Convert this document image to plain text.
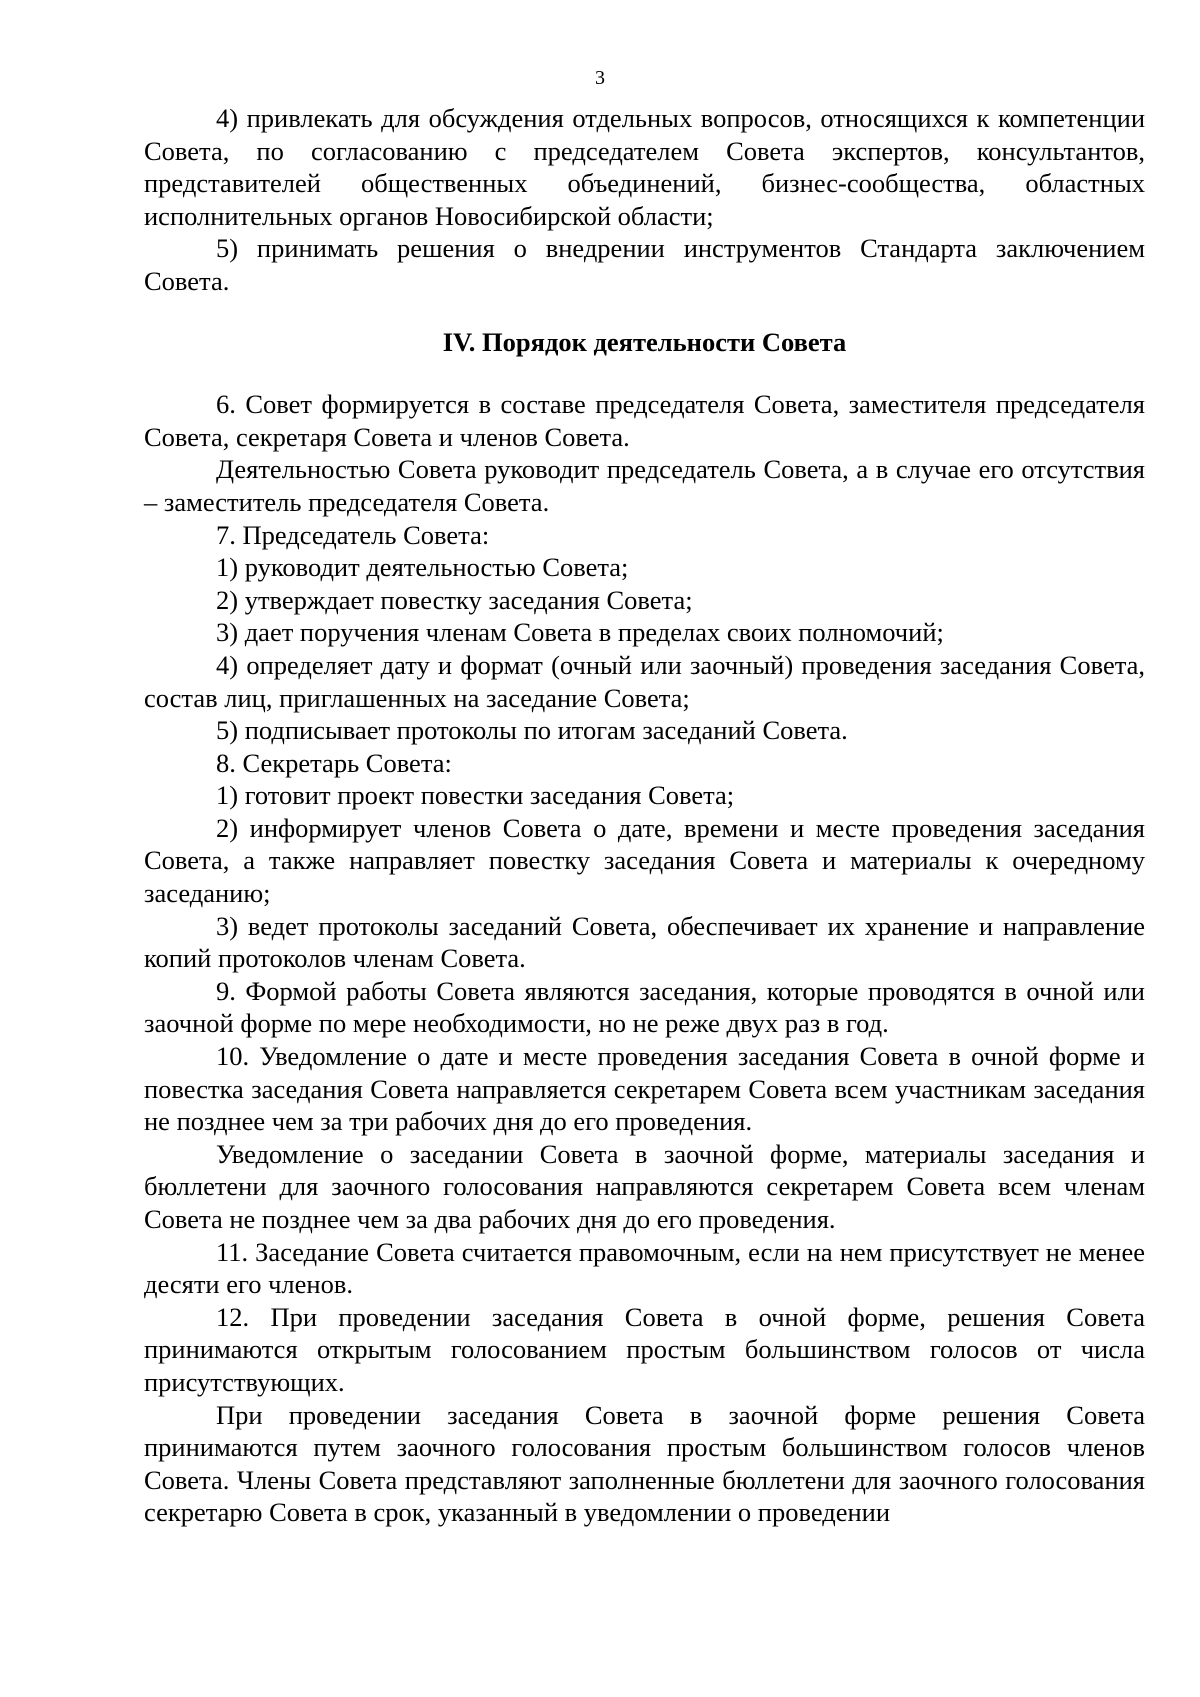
3

4) привлекать для обсуждения отдельных вопросов, относящихся к компетенции Совета, по согласованию с председателем Совета экспертов, консультантов, представителей общественных объединений, бизнес-сообщества, областных исполнительных органов Новосибирской области;

5) принимать решения о внедрении инструментов Стандарта заключением Совета.

IV. Порядок деятельности Совета

6. Совет формируется в составе председателя Совета, заместителя председателя Совета, секретаря Совета и членов Совета.

Деятельностью Совета руководит председатель Совета, а в случае его отсутствия – заместитель председателя Совета.

7. Председатель Совета:

1) руководит деятельностью Совета;

2) утверждает повестку заседания Совета;

3) дает поручения членам Совета в пределах своих полномочий;

4) определяет дату и формат (очный или заочный) проведения заседания Совета, состав лиц, приглашенных на заседание Совета;

5) подписывает протоколы по итогам заседаний Совета.

8. Секретарь Совета:

1) готовит проект повестки заседания Совета;

2) информирует членов Совета о дате, времени и месте проведения заседания Совета, а также направляет повестку заседания Совета и материалы к очередному заседанию;

3) ведет протоколы заседаний Совета, обеспечивает их хранение и направление копий протоколов членам Совета.

9. Формой работы Совета являются заседания, которые проводятся в очной или заочной форме по мере необходимости, но не реже двух раз в год.

10. Уведомление о дате и месте проведения заседания Совета в очной форме и повестка заседания Совета направляется секретарем Совета всем участникам заседания не позднее чем за три рабочих дня до его проведения.

Уведомление о заседании Совета в заочной форме, материалы заседания и бюллетени для заочного голосования направляются секретарем Совета всем членам Совета не позднее чем за два рабочих дня до его проведения.

11. Заседание Совета считается правомочным, если на нем присутствует не менее десяти его членов.

12. При проведении заседания Совета в очной форме, решения Совета принимаются открытым голосованием простым большинством голосов от числа присутствующих.

При проведении заседания Совета в заочной форме решения Совета принимаются путем заочного голосования простым большинством голосов членов Совета. Члены Совета представляют заполненные бюллетени для заочного голосования секретарю Совета в срок, указанный в уведомлении о проведении
